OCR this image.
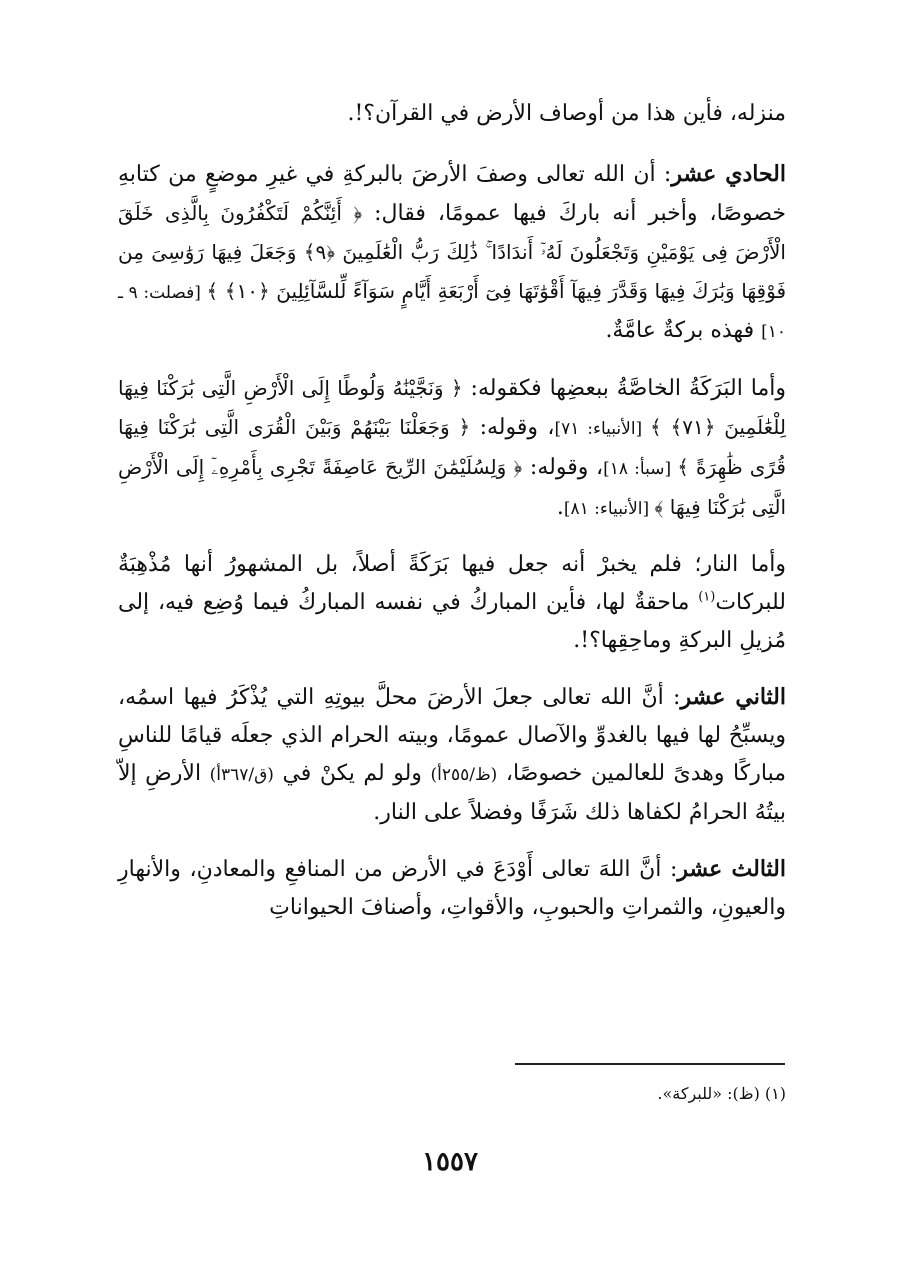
منزله، فأين هذا من أوصاف الأرض في القرآن؟!.

الحادي عشر: أن الله تعالى وصفَ الأرضَ بالبركةِ في غيرِ موضعٍ من كتابهِ خصوصًا، وأخبر أنه باركَ فيها عمومًا، فقال: ﴿ أَئِنَّكُمْ لَتَكْفُرُونَ بِالَّذِى خَلَقَ الْأَرْضَ فِى يَوْمَيْنِ وَتَجْعَلُونَ لَهُۥٓ أَندَادًا ۚ ذَٰلِكَ رَبُّ الْعَٰلَمِينَ ﴿٩﴾ وَجَعَلَ فِيهَا رَوَٰسِىَ مِن فَوْقِهَا وَبَٰرَكَ فِيهَا وَقَدَّرَ فِيهَآ أَقْوَٰتَهَا فِىٓ أَرْبَعَةِ أَيَّامٍ سَوَآءً لِّلسَّآئِلِينَ ﴿١٠﴾ ﴾ [فصلت: ٩ ـ ١٠] فهذه بركةٌ عامَّةٌ.

وأما البَرَكَةُ الخاصَّةُ ببعضِها فكقوله: ﴿ وَنَجَّيْنَٰهُ وَلُوطًا إِلَى الْأَرْضِ الَّتِى بَٰرَكْنَا فِيهَا لِلْعَٰلَمِينَ ﴿٧١﴾ ﴾ [الأنبياء: ٧١]، وقوله: ﴿ وَجَعَلْنَا بَيْنَهُمْ وَبَيْنَ الْقُرَى الَّتِى بَٰرَكْنَا فِيهَا قُرًى ظَٰهِرَةً ﴾ [سبأ: ١٨]، وقوله: ﴿ وَلِسُلَيْمَٰنَ الرِّيحَ عَاصِفَةً تَجْرِى بِأَمْرِهِۦٓ إِلَى الْأَرْضِ الَّتِى بَٰرَكْنَا فِيهَا ﴾ [الأنبياء: ٨١].

وأما النار؛ فلم يخبرْ أنه جعل فيها بَرَكَةً أصلاً، بل المشهورُ أنها مُذْهِبَةٌ للبركات$^{(١)}$ ماحقةٌ لها، فأين المباركُ في نفسه المباركُ فيما وُضِع فيه، إلى مُزيلِ البركةِ وماحِقِها؟!.

الثاني عشر: أنَّ الله تعالى جعلَ الأرضَ محلَّ بيوتِهِ التي يُذْكَرُ فيها اسمُه، ويسبِّحُ لها فيها بالغدوِّ والآصال عمومًا، وبيته الحرام الذي جعلَه قيامًا للناسِ مباركًا وهدىً للعالمين خصوصًا، (ظ/٢٥٥أ) ولو لم يكنْ في (ق/٣٦٧أ) الأرضِ إلاّ بيتُهُ الحرامُ لكفاها ذلك شَرَفًا وفضلاً على النار.

الثالث عشر: أنَّ اللهَ تعالى أَوْدَعَ في الأرض من المنافعِ والمعادنِ، والأنهارِ والعيونِ، والثمراتِ والحبوبِ، والأقواتِ، وأصنافَ الحيواناتِ

(١) (ظ): «للبركة».
١٥٥٧
